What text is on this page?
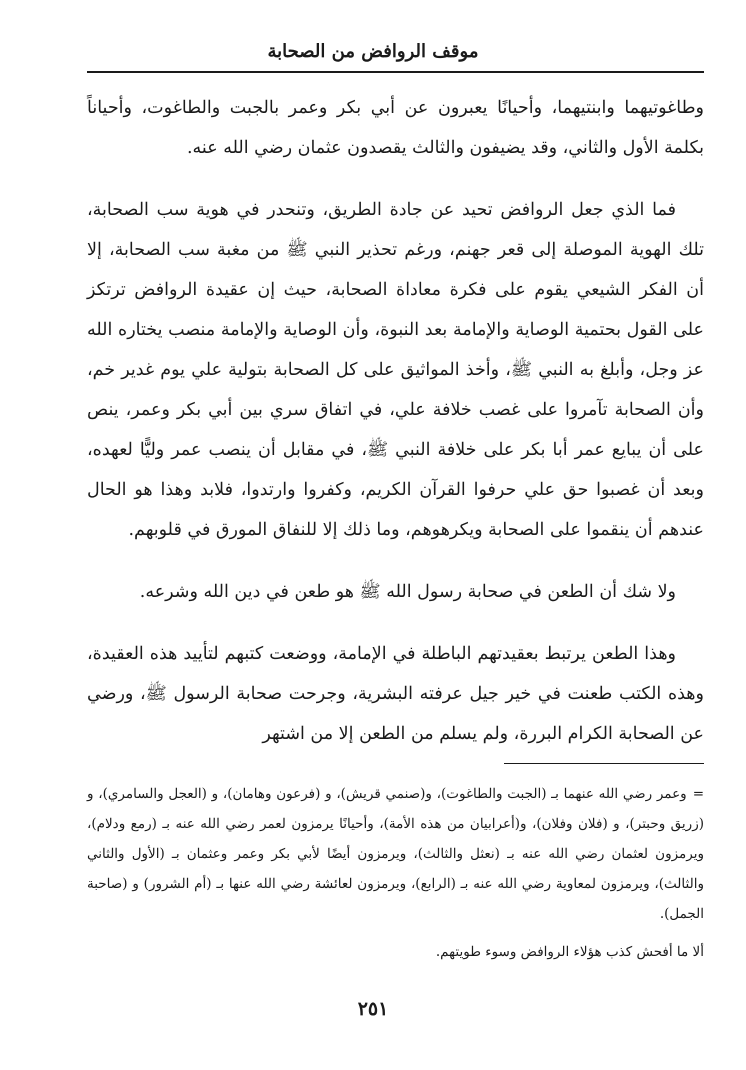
موقف الروافض من الصحابة

وطاغوتيهما وابنتيهما، وأحيانًا يعبرون عن أبي بكر وعمر بالجبت والطاغوت، وأحياناً بكلمة الأول والثاني، وقد يضيفون والثالث يقصدون عثمان رضي الله عنه.

فما الذي جعل الروافض تحيد عن جادة الطريق، وتنحدر في هوية سب الصحابة، تلك الهوية الموصلة إلى قعر جهنم، ورغم تحذير النبي ﷺ من مغبة سب الصحابة، إلا أن الفكر الشيعي يقوم على فكرة معاداة الصحابة، حيث إن عقيدة الروافض ترتكز على القول بحتمية الوصاية والإمامة بعد النبوة، وأن الوصاية والإمامة منصب يختاره الله عز وجل، وأبلغ به النبي ﷺ، وأخذ المواثيق على كل الصحابة بتولية علي يوم غدير خم، وأن الصحابة تآمروا على غصب خلافة علي، في اتفاق سري بين أبي بكر وعمر، ينص على أن يبايع عمر أبا بكر على خلافة النبي ﷺ، في مقابل أن ينصب عمر وليًّا لعهده، وبعد أن غصبوا حق علي حرفوا القرآن الكريم، وكفروا وارتدوا، فلابد وهذا هو الحال عندهم أن ينقموا على الصحابة ويكرهوهم، وما ذلك إلا للنفاق المورق في قلوبهم.

ولا شك أن الطعن في صحابة رسول الله ﷺ هو طعن في دين الله وشرعه.

وهذا الطعن يرتبط بعقيدتهم الباطلة في الإمامة، ووضعت كتبهم لتأييد هذه العقيدة، وهذه الكتب طعنت في خير جيل عرفته البشرية، وجرحت صحابة الرسول ﷺ، ورضي عن الصحابة الكرام البررة، ولم يسلم من الطعن إلا من اشتهر

=وعمر رضي الله عنهما بـ (الجبت والطاغوت)، و(صنمي قريش)، و (فرعون وهامان)، و (العجل والسامري)، و (زريق وحبتر)، و (فلان وفلان)، و(أعرابيان من هذه الأمة)، وأحيانًا يرمزون لعمر رضي الله عنه بـ (رمع ودلام)، ويرمزون لعثمان رضي الله عنه بـ (نعثل والثالث)، ويرمزون أيضًا لأبي بكر وعمر وعثمان بـ (الأول والثاني والثالث)، ويرمزون لمعاوية رضي الله عنه بـ (الرابع)، ويرمزون لعائشة رضي الله عنها بـ (أم الشرور) و (صاحبة الجمل).

ألا ما أفحش كذب هؤلاء الروافض وسوء طويتهم.

٢٥١
